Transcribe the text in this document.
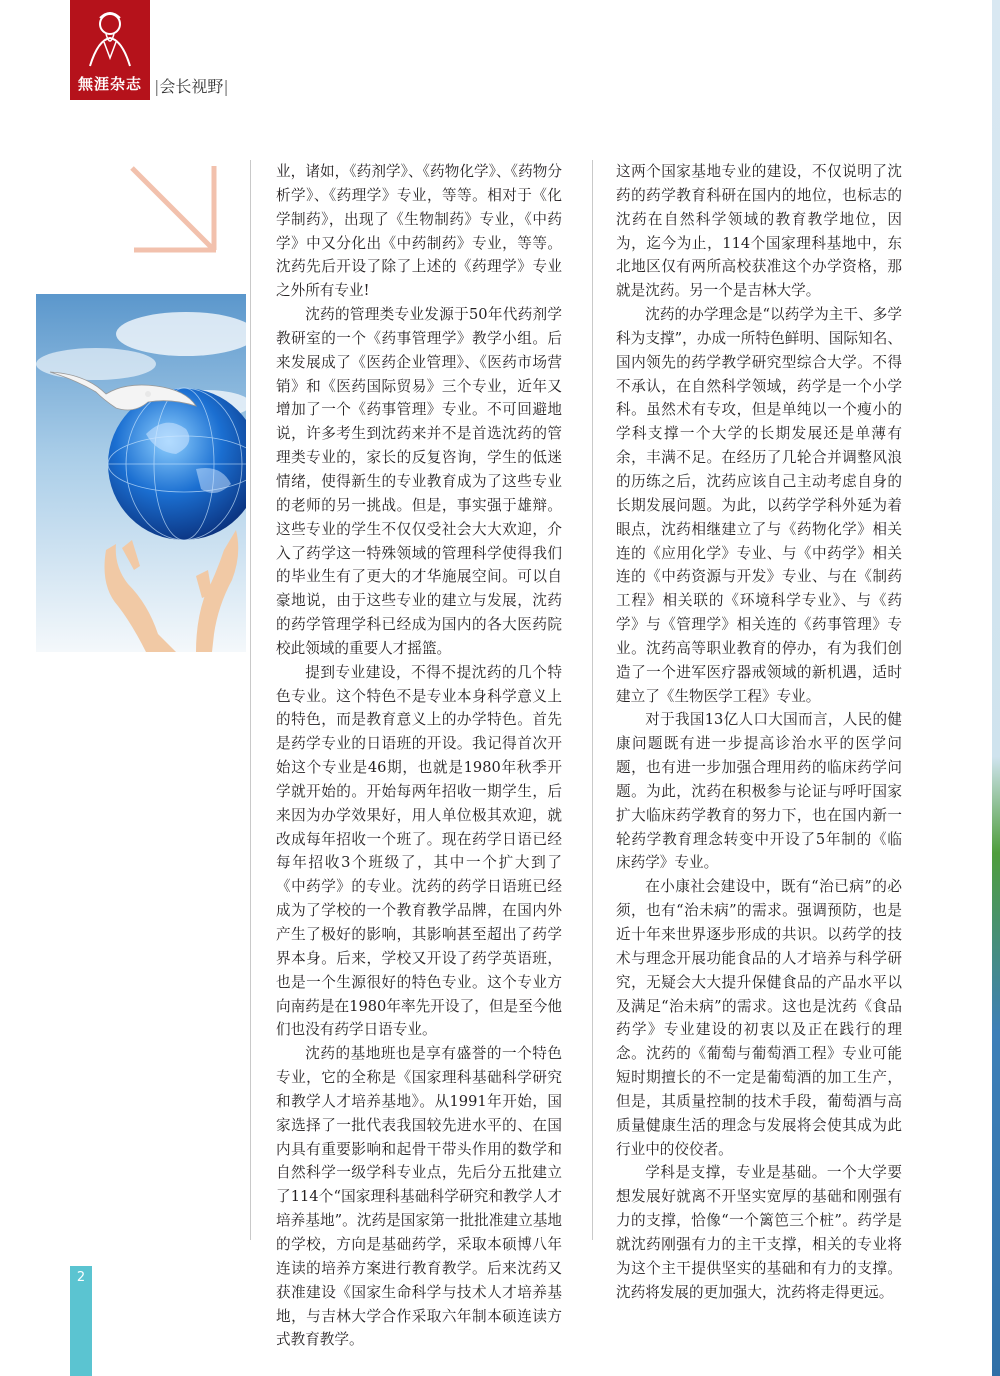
無涯杂志 |会长视野|

业，诸如，《药剂学》、《药物化学》、《药物分析学》、《药理学》专业，等等。相对于《化学制药》，出现了《生物制药》专业，《中药学》中又分化出《中药制药》专业，等等。沈药先后开设了除了上述的《药理学》专业之外所有专业!

沈药的管理类专业发源于50年代药剂学教研室的一个《药事管理学》教学小组。后来发展成了《医药企业管理》、《医药市场营销》和《医药国际贸易》三个专业，近年又增加了一个《药事管理》专业。不可回避地说，许多考生到沈药来并不是首选沈药的管理类专业的，家长的反复咨询，学生的低迷情绪，使得新生的专业教育成为了这些专业的老师的另一挑战。但是，事实强于雄辩。这些专业的学生不仅仅受社会大大欢迎，介入了药学这一特殊领域的管理科学使得我们的毕业生有了更大的才华施展空间。可以自豪地说，由于这些专业的建立与发展，沈药的药学管理学科已经成为国内的各大医药院校此领域的重要人才摇篮。

提到专业建设，不得不提沈药的几个特色专业。这个特色不是专业本身科学意义上的特色，而是教育意义上的办学特色。首先是药学专业的日语班的开设。我记得首次开始这个专业是46期，也就是1980年秋季开学就开始的。开始每两年招收一期学生，后来因为办学效果好，用人单位极其欢迎，就改成每年招收一个班了。现在药学日语已经每年招收3个班级了，其中一个扩大到了《中药学》的专业。沈药的药学日语班已经成为了学校的一个教育教学品牌，在国内外产生了极好的影响，其影响甚至超出了药学界本身。后来，学校又开设了药学英语班，也是一个生源很好的特色专业。这个专业方向南药是在1980年率先开设了，但是至今他们也没有药学日语专业。

沈药的基地班也是享有盛誉的一个特色专业，它的全称是《国家理科基础科学研究和教学人才培养基地》。从1991年开始，国家选择了一批代表我国较先进水平的、在国内具有重要影响和起骨干带头作用的数学和自然科学一级学科专业点，先后分五批建立了114个“国家理科基础科学研究和教学人才培养基地”。沈药是国家第一批批准建立基地的学校，方向是基础药学，采取本硕博八年连读的培养方案进行教育教学。后来沈药又获准建设《国家生命科学与技术人才培养基地，与吉林大学合作采取六年制本硕连读方式教育教学。

这两个国家基地专业的建设，不仅说明了沈药的药学教育科研在国内的地位，也标志的沈药在自然科学领域的教育教学地位，因为，迄今为止，114个国家理科基地中，东北地区仅有两所高校获准这个办学资格，那就是沈药。另一个是吉林大学。

沈药的办学理念是“以药学为主干、多学科为支撑”，办成一所特色鲜明、国际知名、国内领先的药学教学研究型综合大学。不得不承认，在自然科学领域，药学是一个小学科。虽然术有专攻，但是单纯以一个瘦小的学科支撑一个大学的长期发展还是单薄有余，丰满不足。在经历了几轮合并调整风浪的历练之后，沈药应该自己主动考虑自身的长期发展问题。为此，以药学学科外延为着眼点，沈药相继建立了与《药物化学》相关连的《应用化学》专业、与《中药学》相关连的《中药资源与开发》专业、与在《制药工程》相关联的《环境科学专业》、与《药学》与《管理学》相关连的《药事管理》专业。沈药高等职业教育的停办，有为我们创造了一个进军医疗器戒领域的新机遇，适时建立了《生物医学工程》专业。

对于我国13亿人口大国而言，人民的健康问题既有进一步提高诊治水平的医学问题，也有进一步加强合理用药的临床药学问题。为此，沈药在积极参与论证与呼吁国家扩大临床药学教育的努力下，也在国内新一轮药学教育理念转变中开设了5年制的《临床药学》专业。

在小康社会建设中，既有“治已病”的必须，也有“治未病”的需求。强调预防，也是近十年来世界逐步形成的共识。以药学的技术与理念开展功能食品的人才培养与科学研究，无疑会大大提升保健食品的产品水平以及满足“治未病”的需求。这也是沈药《食品药学》专业建设的初衷以及正在践行的理念。沈药的《葡萄与葡萄酒工程》专业可能短时期擅长的不一定是葡萄酒的加工生产，但是，其质量控制的技术手段，葡萄酒与高质量健康生活的理念与发展将会使其成为此行业中的佼佼者。

学科是支撑，专业是基础。一个大学要想发展好就离不开坚实宽厚的基础和刚强有力的支撑，恰像“一个篱笆三个桩”。药学是就沈药刚强有力的主干支撑，相关的专业将为这个主干提供坚实的基础和有力的支撑。沈药将发展的更加强大，沈药将走得更远。

2
